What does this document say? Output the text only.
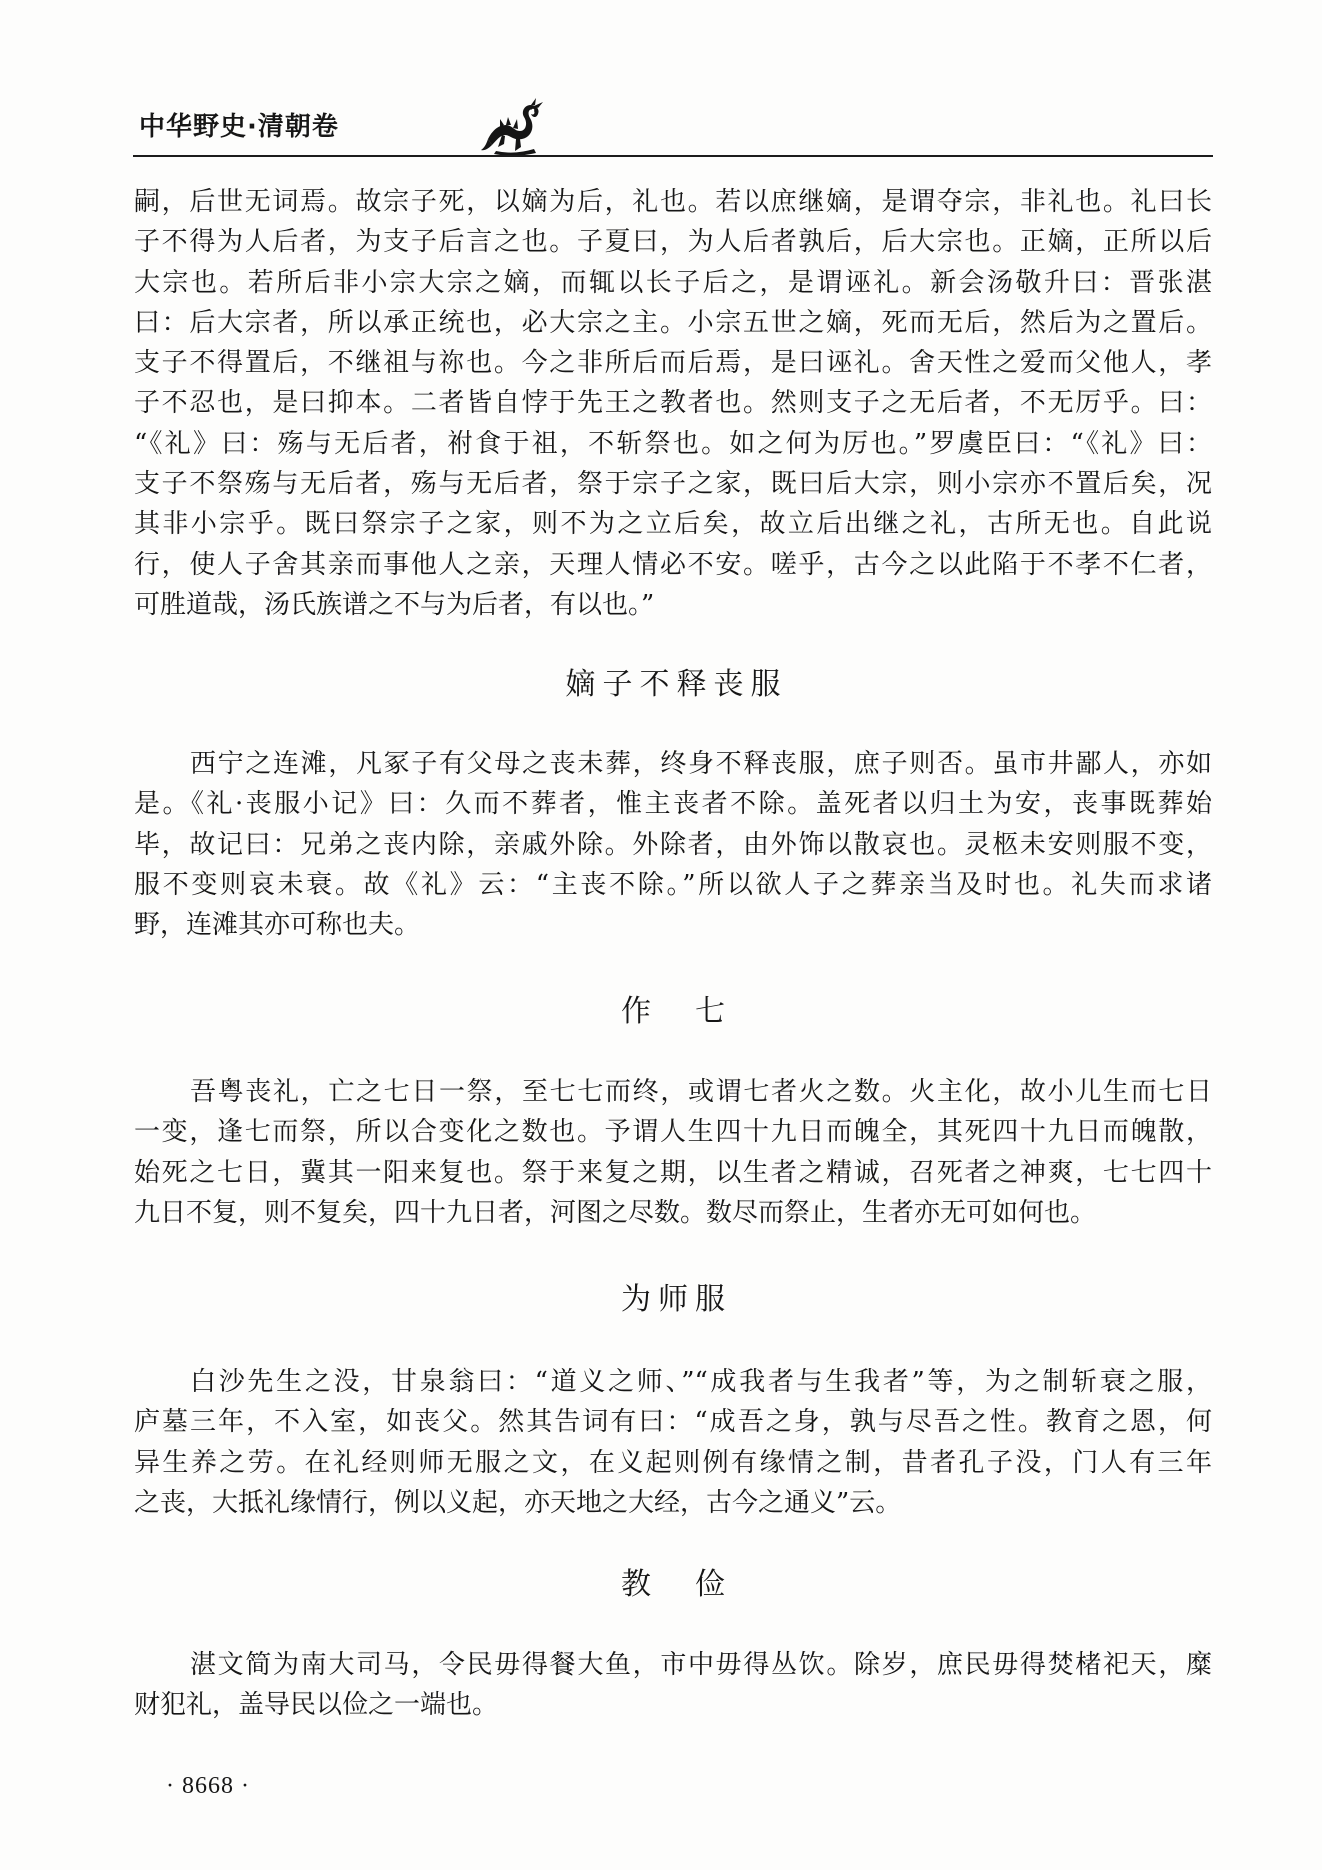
中华野史·清朝卷
嗣，后世无词焉。故宗子死，以嫡为后，礼也。若以庶继嫡，是谓夺宗，非礼也。礼曰长
子不得为人后者，为支子后言之也。子夏曰，为人后者孰后，后大宗也。正嫡，正所以后
大宗也。若所后非小宗大宗之嫡，而辄以长子后之，是谓诬礼。新会汤敬升曰：晋张湛
曰：后大宗者，所以承正统也，必大宗之主。小宗五世之嫡，死而无后，然后为之置后。
支子不得置后，不继祖与祢也。今之非所后而后焉，是曰诬礼。舍天性之爱而父他人，孝
子不忍也，是曰抑本。二者皆自悖于先王之教者也。然则支子之无后者，不无厉乎。曰：
“《礼》曰：殇与无后者，祔食于祖，不斩祭也。如之何为厉也。”罗虞臣曰：“《礼》曰：
支子不祭殇与无后者，殇与无后者，祭于宗子之家，既曰后大宗，则小宗亦不置后矣，况
其非小宗乎。既曰祭宗子之家，则不为之立后矣，故立后出继之礼，古所无也。自此说
行，使人子舍其亲而事他人之亲，天理人情必不安。嗟乎，古今之以此陷于不孝不仁者，
可胜道哉，汤氏族谱之不与为后者，有以也。”
嫡子不释丧服
西宁之连滩，凡冢子有父母之丧未葬，终身不释丧服，庶子则否。虽市井鄙人，亦如
是。《礼·丧服小记》曰：久而不葬者，惟主丧者不除。盖死者以归土为安，丧事既葬始
毕，故记曰：兄弟之丧内除，亲戚外除。外除者，由外饰以散哀也。灵柩未安则服不变，
服不变则哀未衰。故《礼》云：“主丧不除。”所以欲人子之葬亲当及时也。礼失而求诸
野，连滩其亦可称也夫。
作　七
吾粤丧礼，亡之七日一祭，至七七而终，或谓七者火之数。火主化，故小儿生而七日
一变，逢七而祭，所以合变化之数也。予谓人生四十九日而魄全，其死四十九日而魄散，
始死之七日，冀其一阳来复也。祭于来复之期，以生者之精诚，召死者之神爽，七七四十
九日不复，则不复矣，四十九日者，河图之尽数。数尽而祭止，生者亦无可如何也。
为师服
白沙先生之没，甘泉翁曰：“道义之师、”“成我者与生我者”等，为之制斩衰之服，
庐墓三年，不入室，如丧父。然其告词有曰：“成吾之身，孰与尽吾之性。教育之恩，何
异生养之劳。在礼经则师无服之文，在义起则例有缘情之制，昔者孔子没，门人有三年
之丧，大抵礼缘情行，例以义起，亦天地之大经，古今之通义”云。
教　俭
湛文简为南大司马，令民毋得餐大鱼，市中毋得丛饮。除岁，庶民毋得焚楮祀天，糜
财犯礼，盖导民以俭之一端也。
· 8668 ·
